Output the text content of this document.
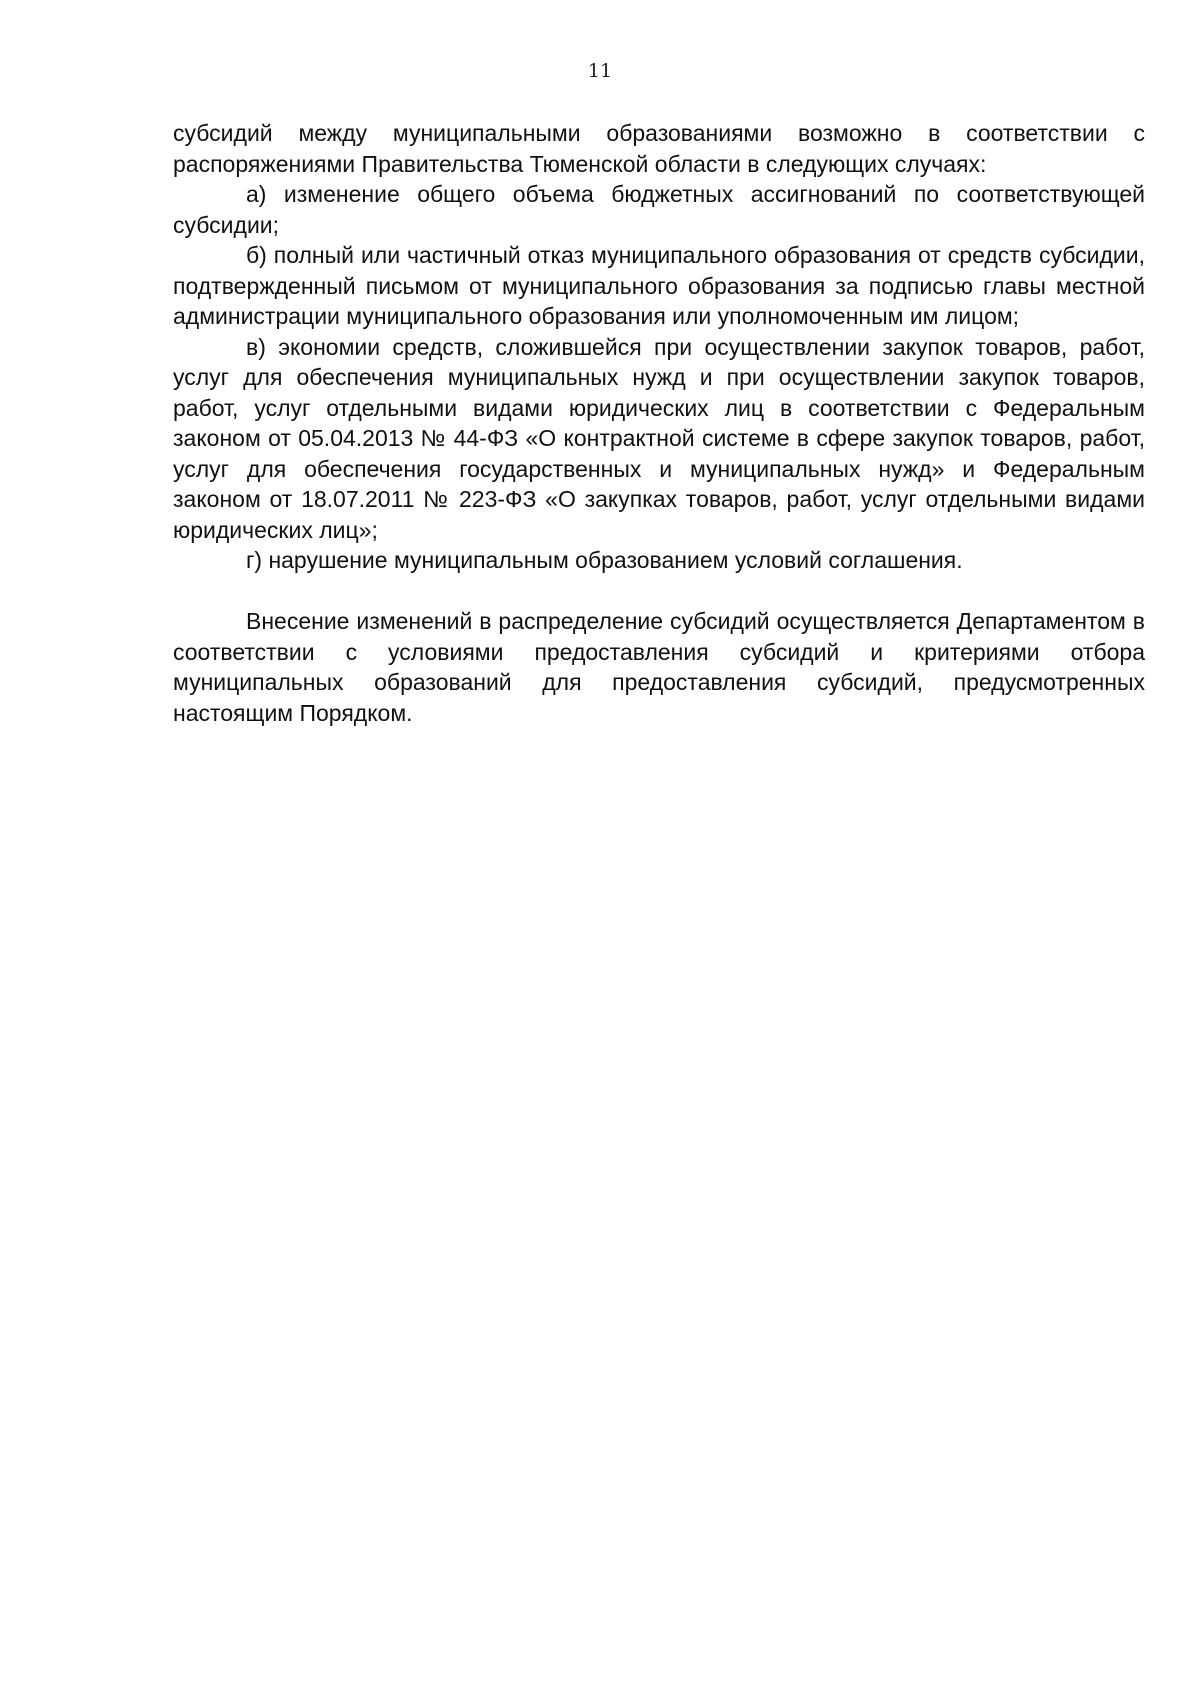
11

субсидий между муниципальными образованиями возможно в соответствии с распоряжениями Правительства Тюменской области в следующих случаях:

а) изменение общего объема бюджетных ассигнований по соответствующей субсидии;

б) полный или частичный отказ муниципального образования от средств субсидии, подтвержденный письмом от муниципального образования за подписью главы местной администрации муниципального образования или уполномоченным им лицом;

в) экономии средств, сложившейся при осуществлении закупок товаров, работ, услуг для обеспечения муниципальных нужд и при осуществлении закупок товаров, работ, услуг отдельными видами юридических лиц в соответствии с Федеральным законом от 05.04.2013 № 44-ФЗ «О контрактной системе в сфере закупок товаров, работ, услуг для обеспечения государственных и муниципальных нужд» и Федеральным законом от 18.07.2011 № 223-ФЗ «О закупках товаров, работ, услуг отдельными видами юридических лиц»;

г) нарушение муниципальным образованием условий соглашения.

Внесение изменений в распределение субсидий осуществляется Департаментом в соответствии с условиями предоставления субсидий и критериями отбора муниципальных образований для предоставления субсидий, предусмотренных настоящим Порядком.
